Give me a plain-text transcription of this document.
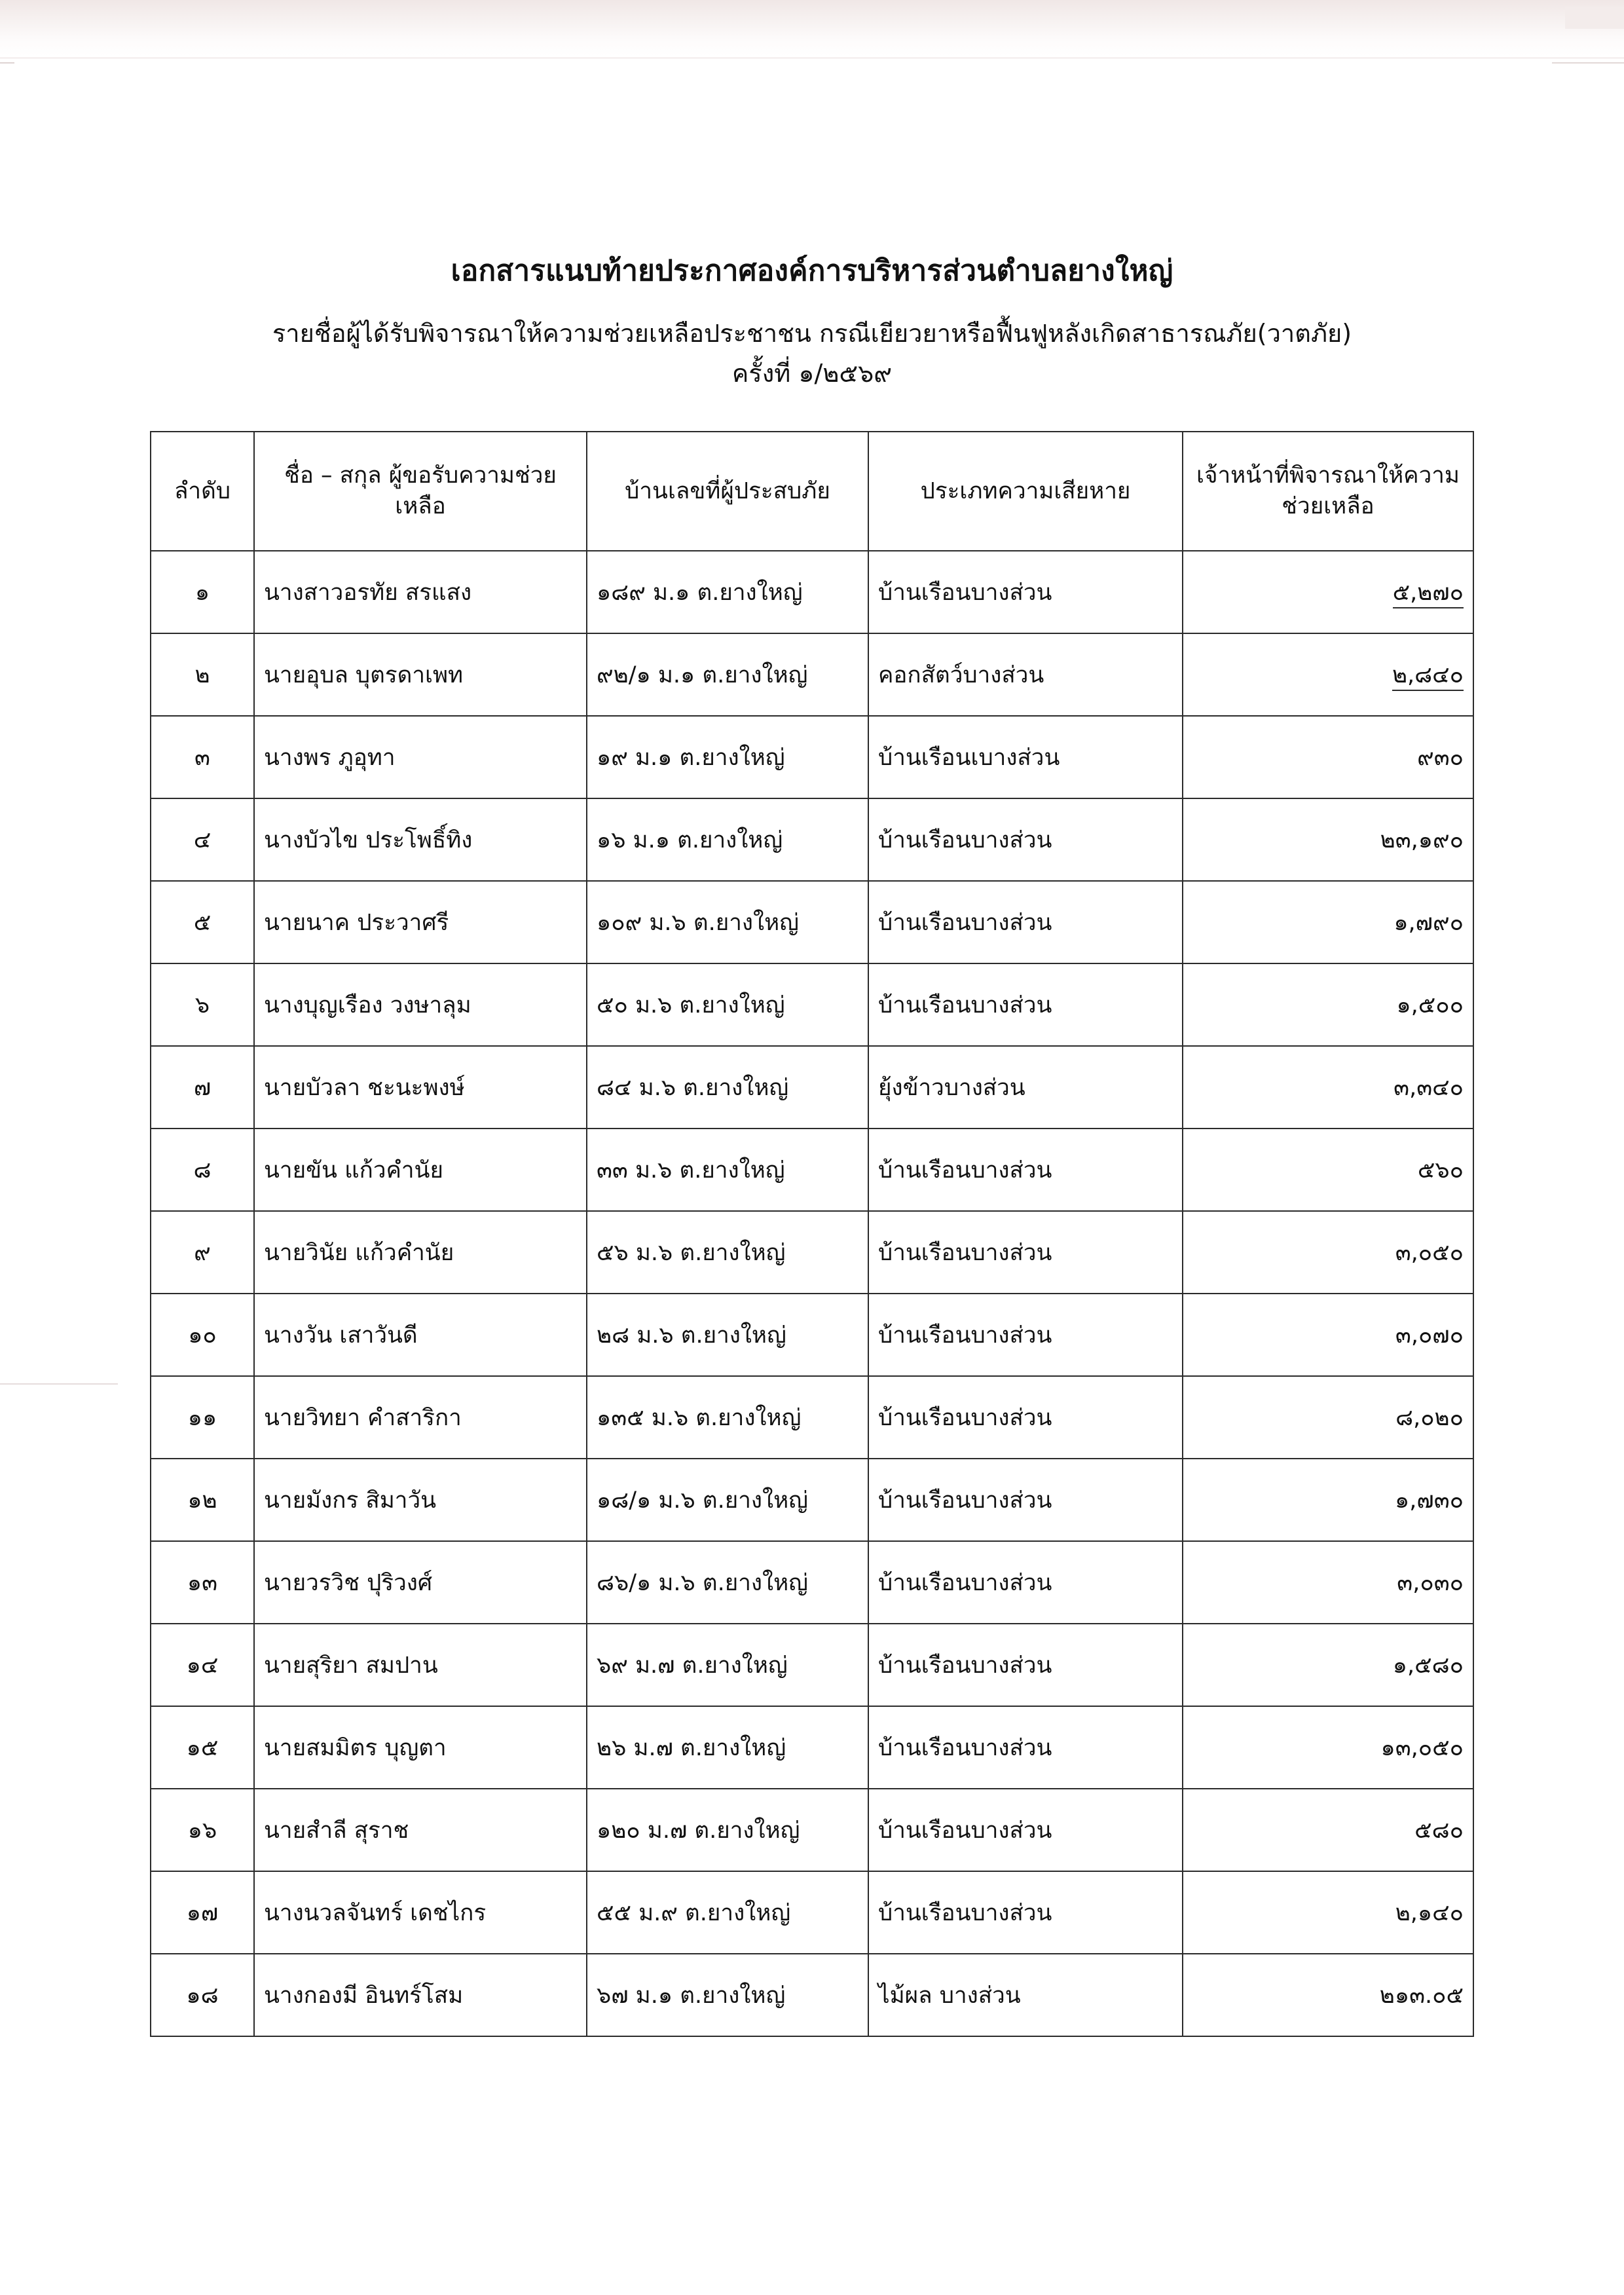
เอกสารแนบท้ายประกาศองค์การบริหารส่วนตำบลยางใหญ่
รายชื่อผู้ได้รับพิจารณาให้ความช่วยเหลือประชาชน กรณีเยียวยาหรือฟื้นฟูหลังเกิดสาธารณภัย(วาตภัย)
ครั้งที่ ๑/๒๕๖๙
ลำดับ	ชื่อ – สกุล ผู้ขอรับความช่วยเหลือ	บ้านเลขที่ผู้ประสบภัย	ประเภทความเสียหาย	เจ้าหน้าที่พิจารณาให้ความช่วยเหลือ
๑	นางสาวอรทัย สรแสง	๑๘๙ ม.๑ ต.ยางใหญ่	บ้านเรือนบางส่วน	๕,๒๗๐
๒	นายอุบล บุตรดาเพท	๙๒/๑ ม.๑ ต.ยางใหญ่	คอกสัตว์บางส่วน	๒,๘๔๐
๓	นางพร ภูอุทา	๑๙ ม.๑ ต.ยางใหญ่	บ้านเรือนเบางส่วน	๙๓๐
๔	นางบัวไข ประโพธิ์ทิง	๑๖ ม.๑ ต.ยางใหญ่	บ้านเรือนบางส่วน	๒๓,๑๙๐
๕	นายนาค ประวาศรี	๑๐๙ ม.๖ ต.ยางใหญ่	บ้านเรือนบางส่วน	๑,๗๙๐
๖	นางบุญเรือง วงษาลุม	๕๐ ม.๖ ต.ยางใหญ่	บ้านเรือนบางส่วน	๑,๕๐๐
๗	นายบัวลา ชะนะพงษ์	๘๔ ม.๖ ต.ยางใหญ่	ยุ้งข้าวบางส่วน	๓,๓๔๐
๘	นายขัน แก้วคำนัย	๓๓ ม.๖ ต.ยางใหญ่	บ้านเรือนบางส่วน	๕๖๐
๙	นายวินัย แก้วคำนัย	๕๖ ม.๖ ต.ยางใหญ่	บ้านเรือนบางส่วน	๓,๐๕๐
๑๐	นางวัน เสาวันดี	๒๘ ม.๖ ต.ยางใหญ่	บ้านเรือนบางส่วน	๓,๐๗๐
๑๑	นายวิทยา คำสาริกา	๑๓๕ ม.๖ ต.ยางใหญ่	บ้านเรือนบางส่วน	๘,๐๒๐
๑๒	นายมังกร สิมาวัน	๑๘/๑ ม.๖ ต.ยางใหญ่	บ้านเรือนบางส่วน	๑,๗๓๐
๑๓	นายวรวิช ปุริวงศ์	๘๖/๑ ม.๖ ต.ยางใหญ่	บ้านเรือนบางส่วน	๓,๐๓๐
๑๔	นายสุริยา สมปาน	๖๙ ม.๗ ต.ยางใหญ่	บ้านเรือนบางส่วน	๑,๕๘๐
๑๕	นายสมมิตร บุญตา	๒๖ ม.๗ ต.ยางใหญ่	บ้านเรือนบางส่วน	๑๓,๐๕๐
๑๖	นายสำลี สุราช	๑๒๐ ม.๗ ต.ยางใหญ่	บ้านเรือนบางส่วน	๕๘๐
๑๗	นางนวลจันทร์ เดชไกร	๕๕ ม.๙ ต.ยางใหญ่	บ้านเรือนบางส่วน	๒,๑๔๐
๑๘	นางกองมี อินทร์โสม	๖๗ ม.๑ ต.ยางใหญ่	ไม้ผล บางส่วน	๒๑๓.๐๕
